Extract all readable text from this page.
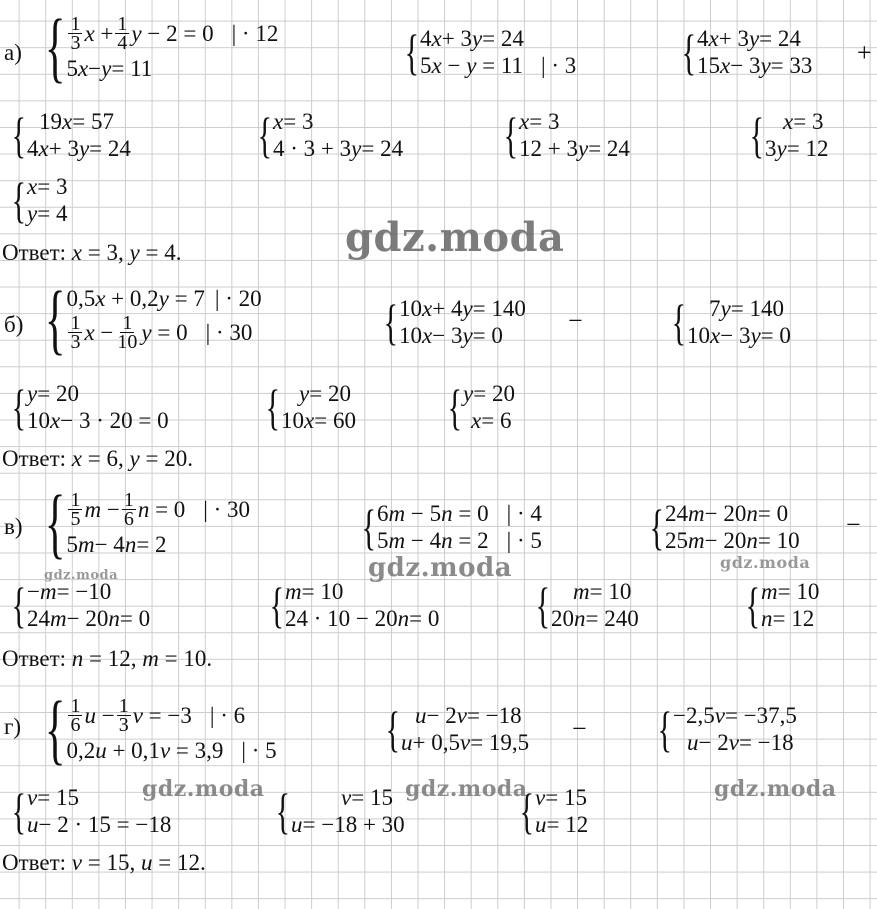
а) { $\frac{1}{3}$ $x + \frac{1}{4}$ y − 2 = 0 | · 12
5 x − y = 11	{ 4 x + 3 y = 24
5x − y = 11 | · 3 { 4 x + 3 y = 24
15 x − 3 y = 33 +
{ 19 x = 57
4 x + 3 y = 24	{ x = 3
4 · 3 + 3 y = 24 { x = 3
12 + 3 y = 24 { x = 3
3 y = 12
{ x = 3
y = 4
Ответ: x = 3, y = 4.	gdz.moda
б) { 0,5x + 0,2y = 7 | · 20
$\frac{1}{3}$ $x - \frac{1}{10}$ y = 0 | · 30	{ 10 x + 4 y = 140
10 x − 3 y = 0
− {	7 y = 140
10 x − 3 y = 0
{ y = 20
10 x − 3 · 20 = 0 { y = 20
10 x = 60 { y = 20
x = 6
Ответ: x = 6, y = 20.
в) { $\frac{1}{5}$ $m - \frac{1}{6}$ n = 0 | · 30
5 m − 4 n = 2	{ 6m − 5n = 0 | · 4
5m − 4n = 2 | · 5 { 24 m − 20 n = 0
25 m − 20 n = 10
−
{ − m = −10
24 m − 20 n = 0 { m = 10
24 · 10 − 20 n = 0 { m = 10
20 n = 240 { m = 10
n = 12
Ответ: n = 12, m = 10.
gdz.moda	gdz.moda	gdz.moda
г) { $\frac{1}{6}$ $u - \frac{1}{3}$ v = −3 | · 6
0,2u + 0,1v = 3,9 | · 5 { u − 2 v = −18
u + 0,5 v = 19,5 − { −2,5 v = −37,5
u − 2 v = −18
{ v = 15
u − 2 · 15 = −18 { v = 15
u = −18 + 30 { v = 15
u = 12
Ответ: v = 15, u = 12.
gdz.moda	gdz.moda	gdz.moda
